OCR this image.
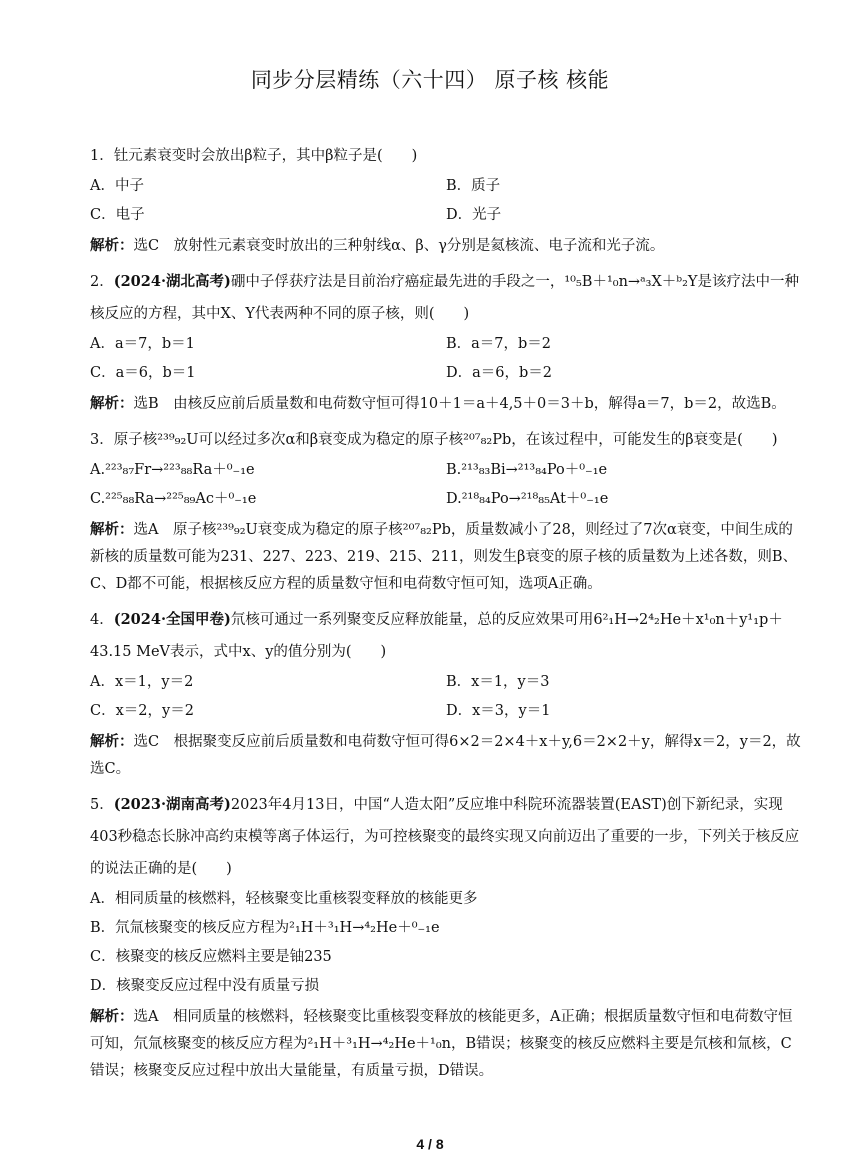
同步分层精练（六十四） 原子核 核能

1．钍元素衰变时会放出β粒子，其中β粒子是(　　)

A．中子	B．质子
C．电子	D．光子
解析：选C　放射性元素衰变时放出的三种射线α、β、γ分别是氦核流、电子流和光子流。

2．(2024·湖北高考)硼中子俘获疗法是目前治疗癌症最先进的手段之一，¹⁰₅B＋¹₀n→ᵃ₃X＋ᵇ₂Y是该疗法中一种核反应的方程，其中X、Y代表两种不同的原子核，则(　　)

A．a＝7，b＝1	B．a＝7，b＝2
C．a＝6，b＝1	D．a＝6，b＝2
解析：选B　由核反应前后质量数和电荷数守恒可得10＋1＝a＋4,5＋0＝3＋b，解得a＝7，b＝2，故选B。

3．原子核²³⁹₉₂U可以经过多次α和β衰变成为稳定的原子核²⁰⁷₈₂Pb，在该过程中，可能发生的β衰变是(　　)

A.²²³₈₇Fr→²²³₈₈Ra＋⁰₋₁e	B.²¹³₈₃Bi→²¹³₈₄Po＋⁰₋₁e
C.²²⁵₈₈Ra→²²⁵₈₉Ac＋⁰₋₁e	D.²¹⁸₈₄Po→²¹⁸₈₅At＋⁰₋₁e
解析：选A　原子核²³⁹₉₂U衰变成为稳定的原子核²⁰⁷₈₂Pb，质量数减小了28，则经过了7次α衰变，中间生成的新核的质量数可能为231、227、223、219、215、211，则发生β衰变的原子核的质量数为上述各数，则B、C、D都不可能，根据核反应方程的质量数守恒和电荷数守恒可知，选项A正确。

4．(2024·全国甲卷)氘核可通过一系列聚变反应释放能量，总的反应效果可用6²₁H→2⁴₂He＋x¹₀n＋y¹₁p＋43.15 MeV表示，式中x、y的值分别为(　　)

A．x＝1，y＝2	B．x＝1，y＝3
C．x＝2，y＝2	D．x＝3，y＝1
解析：选C　根据聚变反应前后质量数和电荷数守恒可得6×2＝2×4＋x＋y,6＝2×2＋y，解得x＝2，y＝2，故选C。

5．(2023·湖南高考)2023年4月13日，中国“人造太阳”反应堆中科院环流器装置(EAST)创下新纪录，实现403秒稳态长脉冲高约束模等离子体运行，为可控核聚变的最终实现又向前迈出了重要的一步，下列关于核反应的说法正确的是(　　)

A．相同质量的核燃料，轻核聚变比重核裂变释放的核能更多
B．氘氚核聚变的核反应方程为²₁H＋³₁H→⁴₂He＋⁰₋₁e
C．核聚变的核反应燃料主要是铀235
D．核聚变反应过程中没有质量亏损
解析：选A　相同质量的核燃料，轻核聚变比重核裂变释放的核能更多，A正确；根据质量数守恒和电荷数守恒可知，氘氚核聚变的核反应方程为²₁H＋³₁H→⁴₂He＋¹₀n，B错误；核聚变的核反应燃料主要是氘核和氚核，C错误；核聚变反应过程中放出大量能量，有质量亏损，D错误。
4 / 8
